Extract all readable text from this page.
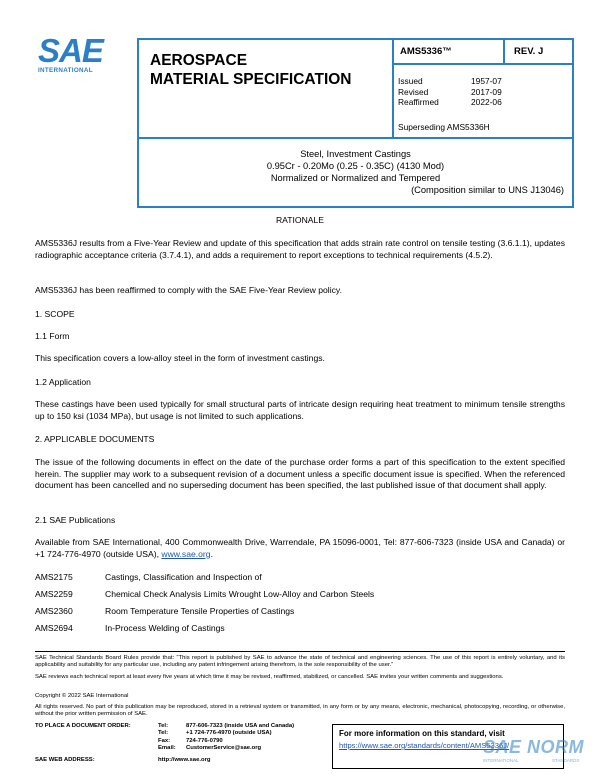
SAE
INTERNATIONAL
AEROSPACE
MATERIAL SPECIFICATION
AMS5336™	REV. J
Issued	1957-07
Revised	2017-09
Reaffirmed	2022-06
Superseding AMS5336H
Steel, Investment Castings
0.95Cr - 0.20Mo (0.25 - 0.35C) (4130 Mod)
Normalized or Normalized and Tempered
(Composition similar to UNS J13046)
RATIONALE
AMS5336J results from a Five-Year Review and update of this specification that adds strain rate control on tensile testing (3.6.1.1), updates radiographic acceptance criteria (3.7.4.1), and adds a requirement to report exceptions to technical requirements (4.5.2).
AMS5336J has been reaffirmed to comply with the SAE Five-Year Review policy.
1. SCOPE
1.1 Form
This specification covers a low-alloy steel in the form of investment castings.
1.2 Application
These castings have been used typically for small structural parts of intricate design requiring heat treatment to minimum tensile strengths up to 150 ksi (1034 MPa), but usage is not limited to such applications.
2. APPLICABLE DOCUMENTS
The issue of the following documents in effect on the date of the purchase order forms a part of this specification to the extent specified herein. The supplier may work to a subsequent revision of a document unless a specific document issue is specified. When the referenced document has been cancelled and no superseding document has been specified, the last published issue of that document shall apply.
2.1 SAE Publications
Available from SAE International, 400 Commonwealth Drive, Warrendale, PA 15096-0001, Tel: 877-606-7323 (inside USA and Canada) or +1 724-776-4970 (outside USA), www.sae.org.
AMS2175	Castings, Classification and Inspection of
AMS2259	Chemical Check Analysis Limits Wrought Low-Alloy and Carbon Steels
AMS2360	Room Temperature Tensile Properties of Castings
AMS2694	In-Process Welding of Castings
SAE Technical Standards Board Rules provide that: “This report is published by SAE to advance the state of technical and engineering sciences. The use of this report is entirely voluntary, and its applicability and suitability for any particular use, including any patent infringement arising therefrom, is the sole responsibility of the user.”
SAE reviews each technical report at least every five years at which time it may be revised, reaffirmed, stabilized, or cancelled. SAE invites your written comments and suggestions.
Copyright © 2022 SAE International
All rights reserved. No part of this publication may be reproduced, stored in a retrieval system or transmitted, in any form or by any means, electronic, mechanical, photocopying, recording, or otherwise, without the prior written permission of SAE.
TO PLACE A DOCUMENT ORDER:	Tel:	877-606-7323 (inside USA and Canada)
Tel:	+1 724-776-4970 (outside USA)
Fax:	724-776-0790
Email:	CustomerService@sae.org
SAE WEB ADDRESS:	http://www.sae.org
For more information on this standard, visit
https://www.sae.org/standards/content/AMS5336J/
SAE NORM
INTERNATIONAL	STANDARDS
